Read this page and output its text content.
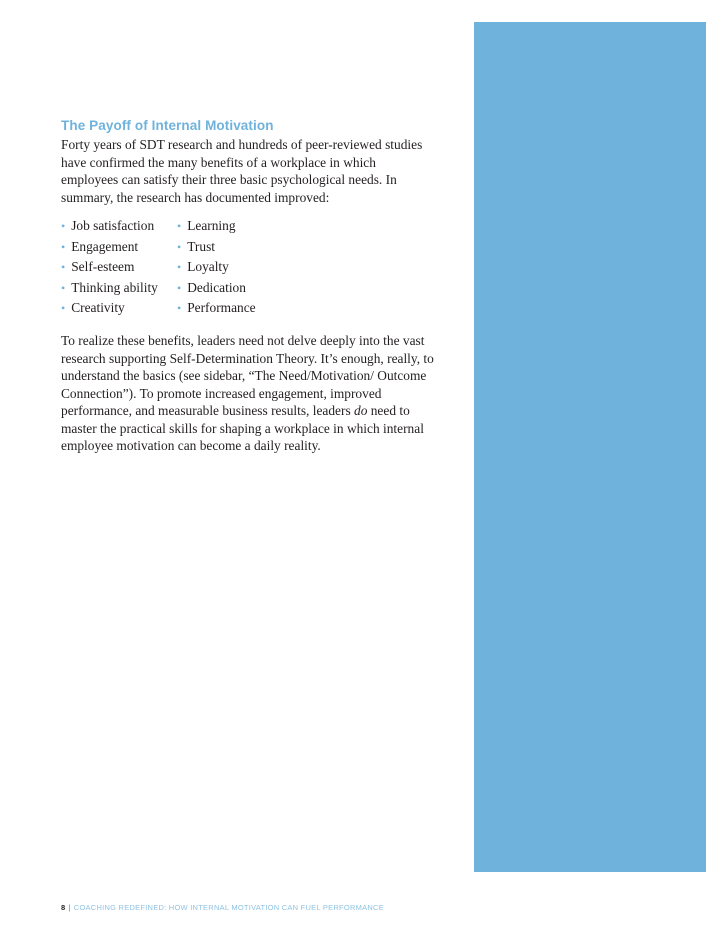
The Payoff of Internal Motivation

Forty years of SDT research and hundreds of peer-reviewed studies have confirmed the many benefits of a workplace in which employees can satisfy their three basic psychological needs. In summary, the research has documented improved:

• Job satisfaction
• Engagement
• Self-esteem
• Thinking ability
• Creativity
• Learning
• Trust
• Loyalty
• Dedication
• Performance

To realize these benefits, leaders need not delve deeply into the vast research supporting Self-Determination Theory. It’s enough, really, to understand the basics (see sidebar, “The Need/Motivation/ Outcome Connection”). To promote increased engagement, improved performance, and measurable business results, leaders do need to master the practical skills for shaping a workplace in which internal employee motivation can become a daily reality.

8 | COACHING REDEFINED: HOW INTERNAL MOTIVATION CAN FUEL PERFORMANCE
